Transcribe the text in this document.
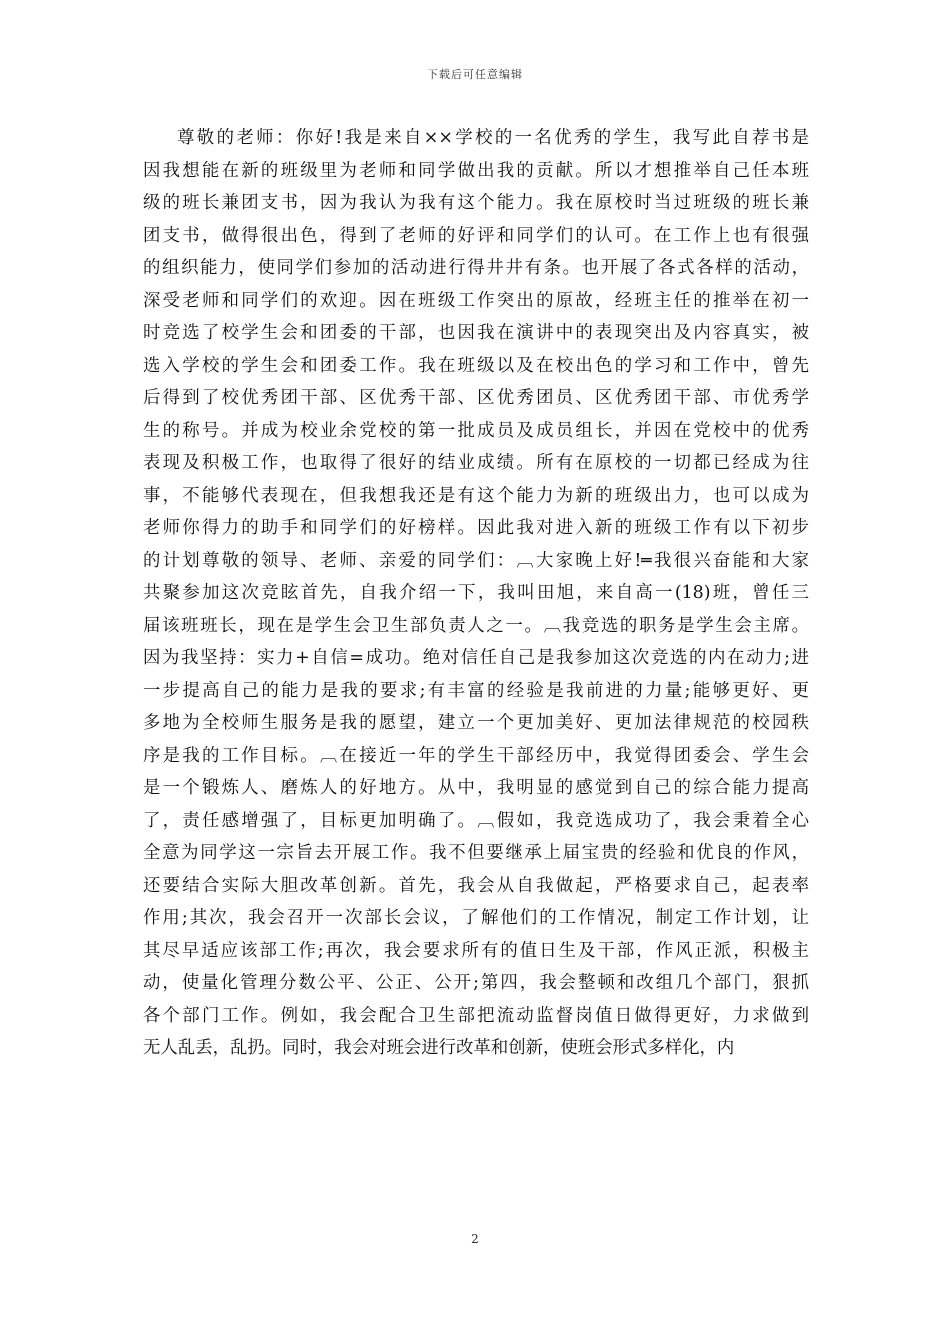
下载后可任意编辑
尊敬的老师：你好!我是来自××学校的一名优秀的学生，我写此自荐书是
因我想能在新的班级里为老师和同学做出我的贡献。所以才想推举自己任本班
级的班长兼团支书，因为我认为我有这个能力。我在原校时当过班级的班长兼
团支书，做得很出色，得到了老师的好评和同学们的认可。在工作上也有很强
的组织能力，使同学们参加的活动进行得井井有条。也开展了各式各样的活动，
深受老师和同学们的欢迎。因在班级工作突出的原故，经班主任的推举在初一
时竞选了校学生会和团委的干部，也因我在演讲中的表现突出及内容真实，被
选入学校的学生会和团委工作。我在班级以及在校出色的学习和工作中，曾先
后得到了校优秀团干部、区优秀干部、区优秀团员、区优秀团干部、市优秀学
生的称号。并成为校业余党校的第一批成员及成员组长，并因在党校中的优秀
表现及积极工作，也取得了很好的结业成绩。所有在原校的一切都已经成为往
事，不能够代表现在，但我想我还是有这个能力为新的班级出力，也可以成为
老师你得力的助手和同学们的好榜样。因此我对进入新的班级工作有以下初步
的计划尊敬的领导、老师、亲爱的同学们：︹大家晚上好!═我很兴奋能和大家
共聚参加这次竞眩首先，自我介绍一下，我叫田旭，来自高一(18)班，曾任三
届该班班长，现在是学生会卫生部负责人之一。︹我竞选的职务是学生会主席。
因为我坚持：实力+自信=成功。绝对信任自己是我参加这次竞选的内在动力;进
一步提高自己的能力是我的要求;有丰富的经验是我前进的力量;能够更好、更
多地为全校师生服务是我的愿望，建立一个更加美好、更加法律规范的校园秩
序是我的工作目标。︹在接近一年的学生干部经历中，我觉得团委会、学生会
是一个锻炼人、磨炼人的好地方。从中，我明显的感觉到自己的综合能力提高
了，责任感增强了，目标更加明确了。︹假如，我竞选成功了，我会秉着全心
全意为同学这一宗旨去开展工作。我不但要继承上届宝贵的经验和优良的作风，
还要结合实际大胆改革创新。首先，我会从自我做起，严格要求自己，起表率
作用;其次，我会召开一次部长会议，了解他们的工作情况，制定工作计划，让
其尽早适应该部工作;再次，我会要求所有的值日生及干部，作风正派，积极主
动，使量化管理分数公平、公正、公开;第四，我会整顿和改组几个部门，狠抓
各个部门工作。例如，我会配合卫生部把流动监督岗值日做得更好，力求做到
无人乱丢，乱扔。同时，我会对班会进行改革和创新，使班会形式多样化，内
2
